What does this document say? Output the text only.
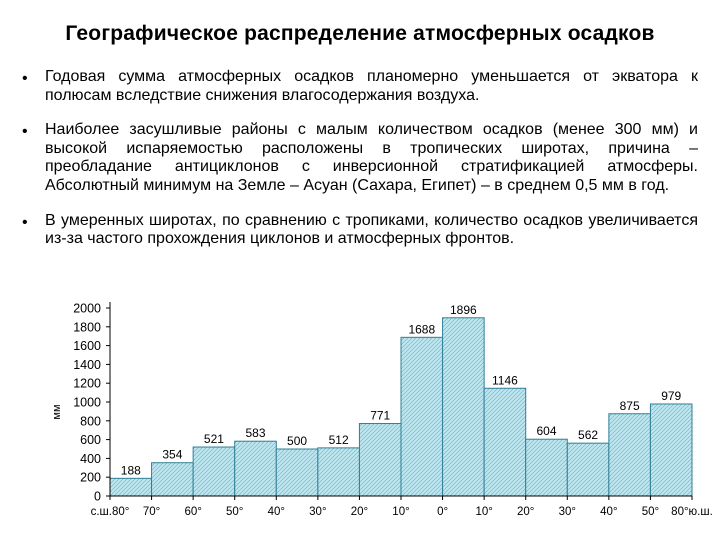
Географическое распределение атмосферных осадков
• Годовая сумма атмосферных осадков планомерно уменьшается от экватора к полюсам вследствие снижения влагосодержания воздуха.
• Наиболее засушливые районы с малым количеством осадков (менее 300 мм) и высокой испаряемостью расположены в тропических широтах, причина – преобладание антициклонов с инверсионной стратификацией атмосферы. Абсолютный минимум на Земле – Асуан (Сахара, Египет) – в среднем 0,5 мм в год.
• В умеренных широтах, по сравнению с тропиками, количество осадков увеличивается из-за частого прохождения циклонов и атмосферных фронтов.
188
354
521 583
500 512
771
1688
1896
1146
604 562
875
979
0
200
400
600
800
1000
1200
1400
1600
1800
2000
с.ш.80° 70° 60° 50° 40° 30° 20° 10° 0° 10° 20° 30° 40° 50° 80°ю.ш.
мм
